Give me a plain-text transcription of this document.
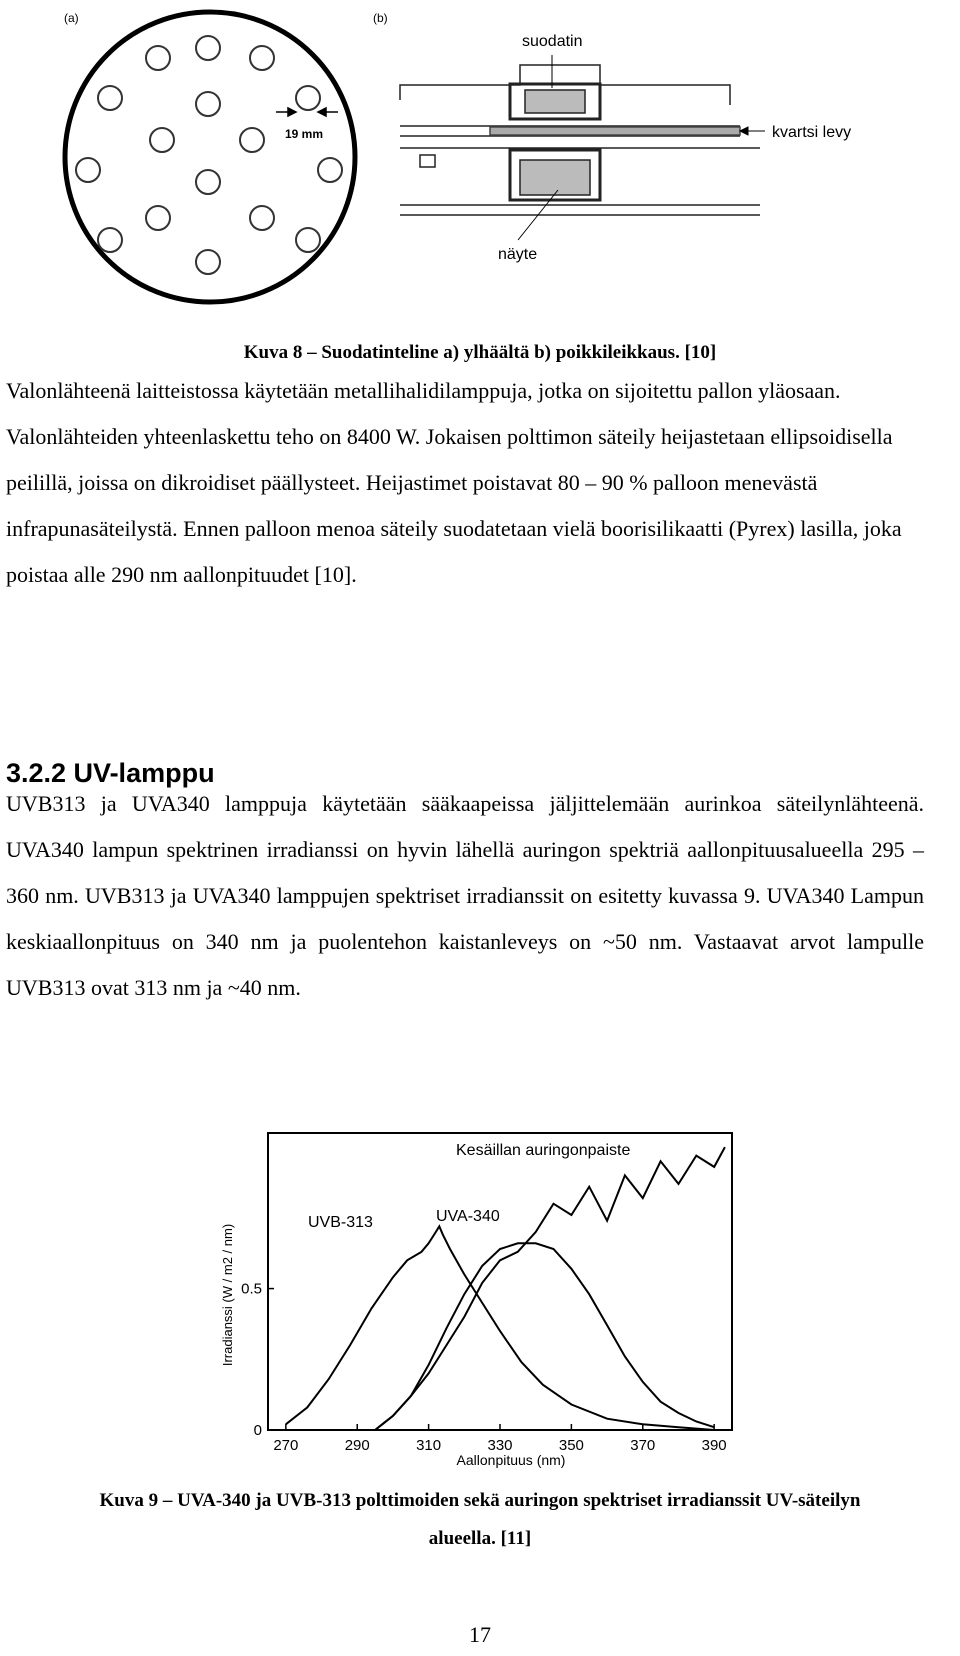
(a)
19 mm
(b)
suodatin
kvartsi levy
näyte
Kuva 8 – Suodatinteline a) ylhäältä b) poikkileikkaus. [10]
Valonlähteenä laitteistossa käytetään metallihalidilamppuja, jotka on sijoitettu pallon yläosaan. Valonlähteiden yhteenlaskettu teho on 8400 W. Jokaisen polttimon säteily heijastetaan ellipsoidisella peilillä, joissa on dikroidiset päällysteet. Heijastimet poistavat 80 – 90 % palloon menevästä infrapunasäteilystä. Ennen palloon menoa säteily suodatetaan vielä boorisilikaatti (Pyrex) lasilla, joka poistaa alle 290 nm aallonpituudet [10].
3.2.2 UV-lamppu
UVB313 ja UVA340 lamppuja käytetään sääkaapeissa jäljittelemään aurinkoa säteilynlähteenä. UVA340 lampun spektrinen irradianssi on hyvin lähellä auringon spektriä aallonpituusalueella 295 – 360 nm. UVB313 ja UVA340 lamppujen spektriset irradianssit on esitetty kuvassa 9. UVA340 Lampun keskiaallonpituus on 340 nm ja puolentehon kaistanleveys on ~50 nm. Vastaavat arvot lampulle UVB313 ovat 313 nm ja ~40 nm.
Irradianssi (W / m2 / nm)
Aallonpituus (nm)
270	290	310	330	350	370	390
0
0.5
Kesäillan auringonpaiste
UVB-313	UVA-340
Kuva 9 – UVA-340 ja UVB-313 polttimoiden sekä auringon spektriset irradianssit UV-säteilyn
alueella. [11]
17
